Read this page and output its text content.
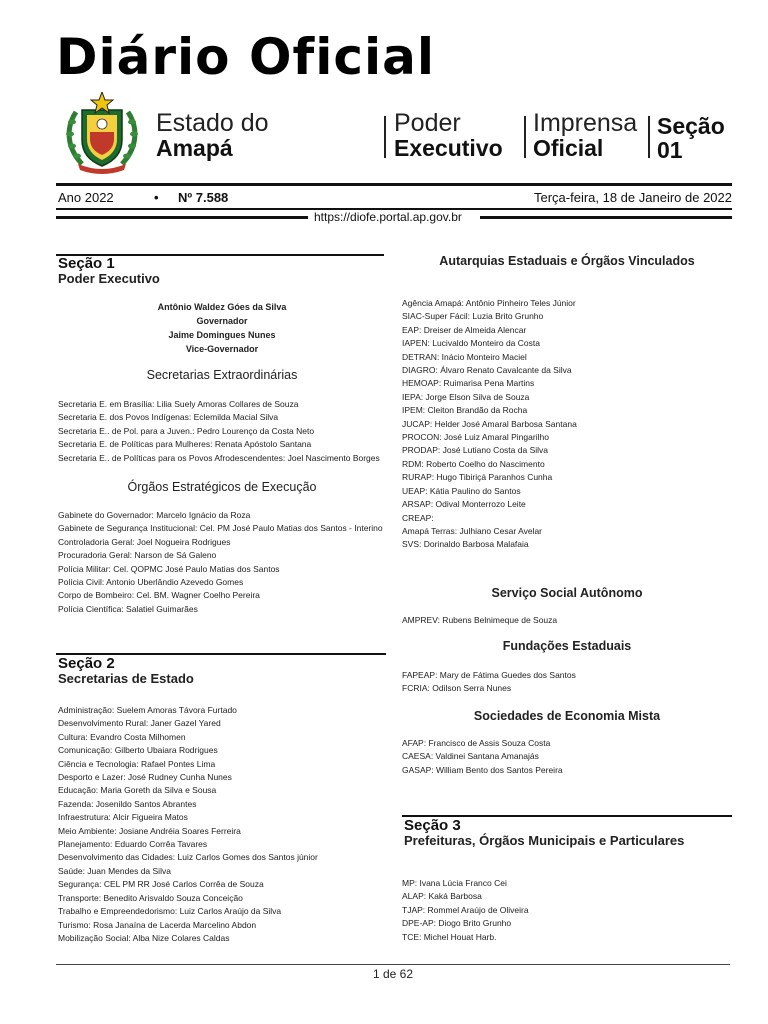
Diário Oficial
Estado do
Amapá
Poder
Executivo
Imprensa
Oficial
Seção
01
Ano 2022	• Nº 7.588	Terça-feira, 18 de Janeiro de 2022
https://diofe.portal.ap.gov.br
Seção 1
Poder Executivo
Antônio Waldez Góes da Silva
Governador
Jaime Domingues Nunes
Vice-Governador
Secretarias Extraordinárias
Secretaria E. em Brasília: Lilia Suely Amoras Collares de Souza
Secretaria E. dos Povos Indígenas: Eclemilda Macial Silva
Secretaria E.. de Pol. para a Juven.: Pedro Lourenço da Costa Neto
Secretaria E. de Políticas para Mulheres: Renata Apóstolo Santana
Secretaria E.. de Políticas para os Povos Afrodescendentes: Joel Nascimento Borges
Órgãos Estratégicos de Execução
Gabinete do Governador: Marcelo Ignácio da Roza
Gabinete de Segurança Institucional: Cel. PM José Paulo Matias dos Santos - Interino
Controladoria Geral: Joel Nogueira Rodrigues
Procuradoria Geral: Narson de Sá Galeno
Polícia Militar: Cel. QOPMC José Paulo Matias dos Santos
Polícia Civil: Antonio Uberlândio Azevedo Gomes
Corpo de Bombeiro: Cel. BM. Wagner Coelho Pereira
Polícia Científica: Salatiel Guimarães
Seção 2
Secretarias de Estado
Administração: Suelem Amoras Távora Furtado
Desenvolvimento Rural: Janer Gazel Yared
Cultura: Evandro Costa Milhomen
Comunicação: Gilberto Ubaiara Rodrigues
Ciência e Tecnologia: Rafael Pontes Lima
Desporto e Lazer: José Rudney Cunha Nunes
Educação: Maria Goreth da Silva e Sousa
Fazenda: Josenildo Santos Abrantes
Infraestrutura: Alcir Figueira Matos
Meio Ambiente: Josiane Andréia Soares Ferreira
Planejamento: Eduardo Corrêa Tavares
Desenvolvimento das Cidades: Luiz Carlos Gomes dos Santos júnior
Saúde: Juan Mendes da Silva
Segurança: CEL PM RR José Carlos Corrêa de Souza
Transporte: Benedito Arisvaldo Souza Conceição
Trabalho e Empreendedorismo: Luiz Carlos Araújo da Silva
Turismo: Rosa Janaína de Lacerda Marcelino Abdon
Mobilização Social: Alba Nize Colares Caldas
Autarquias Estaduais e Órgãos Vinculados
Agência Amapá: Antônio Pinheiro Teles Júnior
SIAC-Super Fácil: Luzia Brito Grunho
EAP: Dreiser de Almeida Alencar
IAPEN: Lucivaldo Monteiro da Costa
DETRAN: Inácio Monteiro Maciel
DIAGRO: Álvaro Renato Cavalcante da Silva
HEMOAP: Ruimarisa Pena Martins
IEPA: Jorge Elson Silva de Souza
IPEM: Cleiton Brandão da Rocha
JUCAP: Helder José Amaral Barbosa Santana
PROCON: José Luiz Amaral Pingarilho
PRODAP: José Lutiano Costa da Silva
RDM: Roberto Coelho do Nascimento
RURAP: Hugo Tibiriçá Paranhos Cunha
UEAP: Kátia Paulino do Santos
ARSAP: Odival Monterrozo Leite
CREAP:
Amapá Terras: Julhiano Cesar Avelar
SVS: Dorinaldo Barbosa Malafaia
Serviço Social Autônomo
AMPREV: Rubens Belnimeque de Souza
Fundações Estaduais
FAPEAP: Mary de Fátima Guedes dos Santos
FCRIA: Odilson Serra Nunes
Sociedades de Economia Mista
AFAP: Francisco de Assis Souza Costa
CAESA: Valdinei Santana Amanajás
GASAP: William Bento dos Santos Pereira
Seção 3
Prefeituras, Órgãos Municipais e Particulares
MP: Ivana Lúcia Franco Cei
ALAP: Kaká Barbosa
TJAP: Rommel Araújo de Oliveira
DPE-AP: Diogo Brito Grunho
TCE: Michel Houat Harb.
1 de 62
